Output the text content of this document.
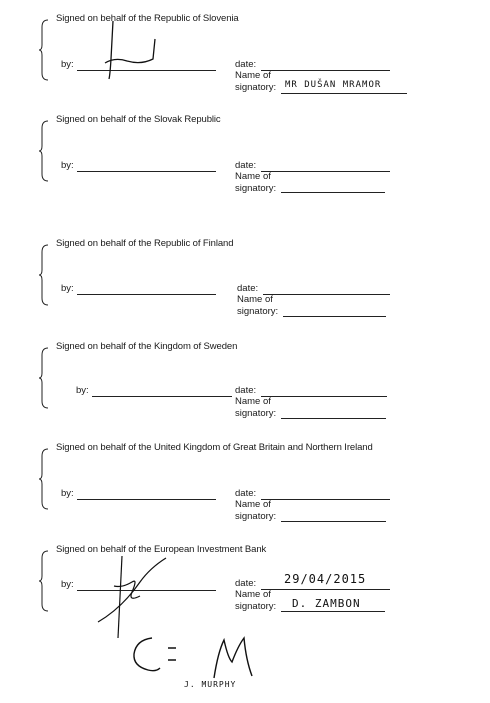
Signed on behalf of the Republic of Slovenia
by:	date:
Name of
signatory: MR DUŠAN MRAMOR
Signed on behalf of the Slovak Republic
by:	date:
Name of
signatory:
Signed on behalf of the Republic of Finland
by:	date:
Name of
signatory:
Signed on behalf of the Kingdom of Sweden
by:	date:
Name of
signatory:
Signed on behalf of the United Kingdom of Great Britain and Northern Ireland
by:	date:
Name of
signatory:
Signed on behalf of the European Investment Bank
by:	date: 29/04/2015
Name of
signatory: D. ZAMBON
J. MURPHY
